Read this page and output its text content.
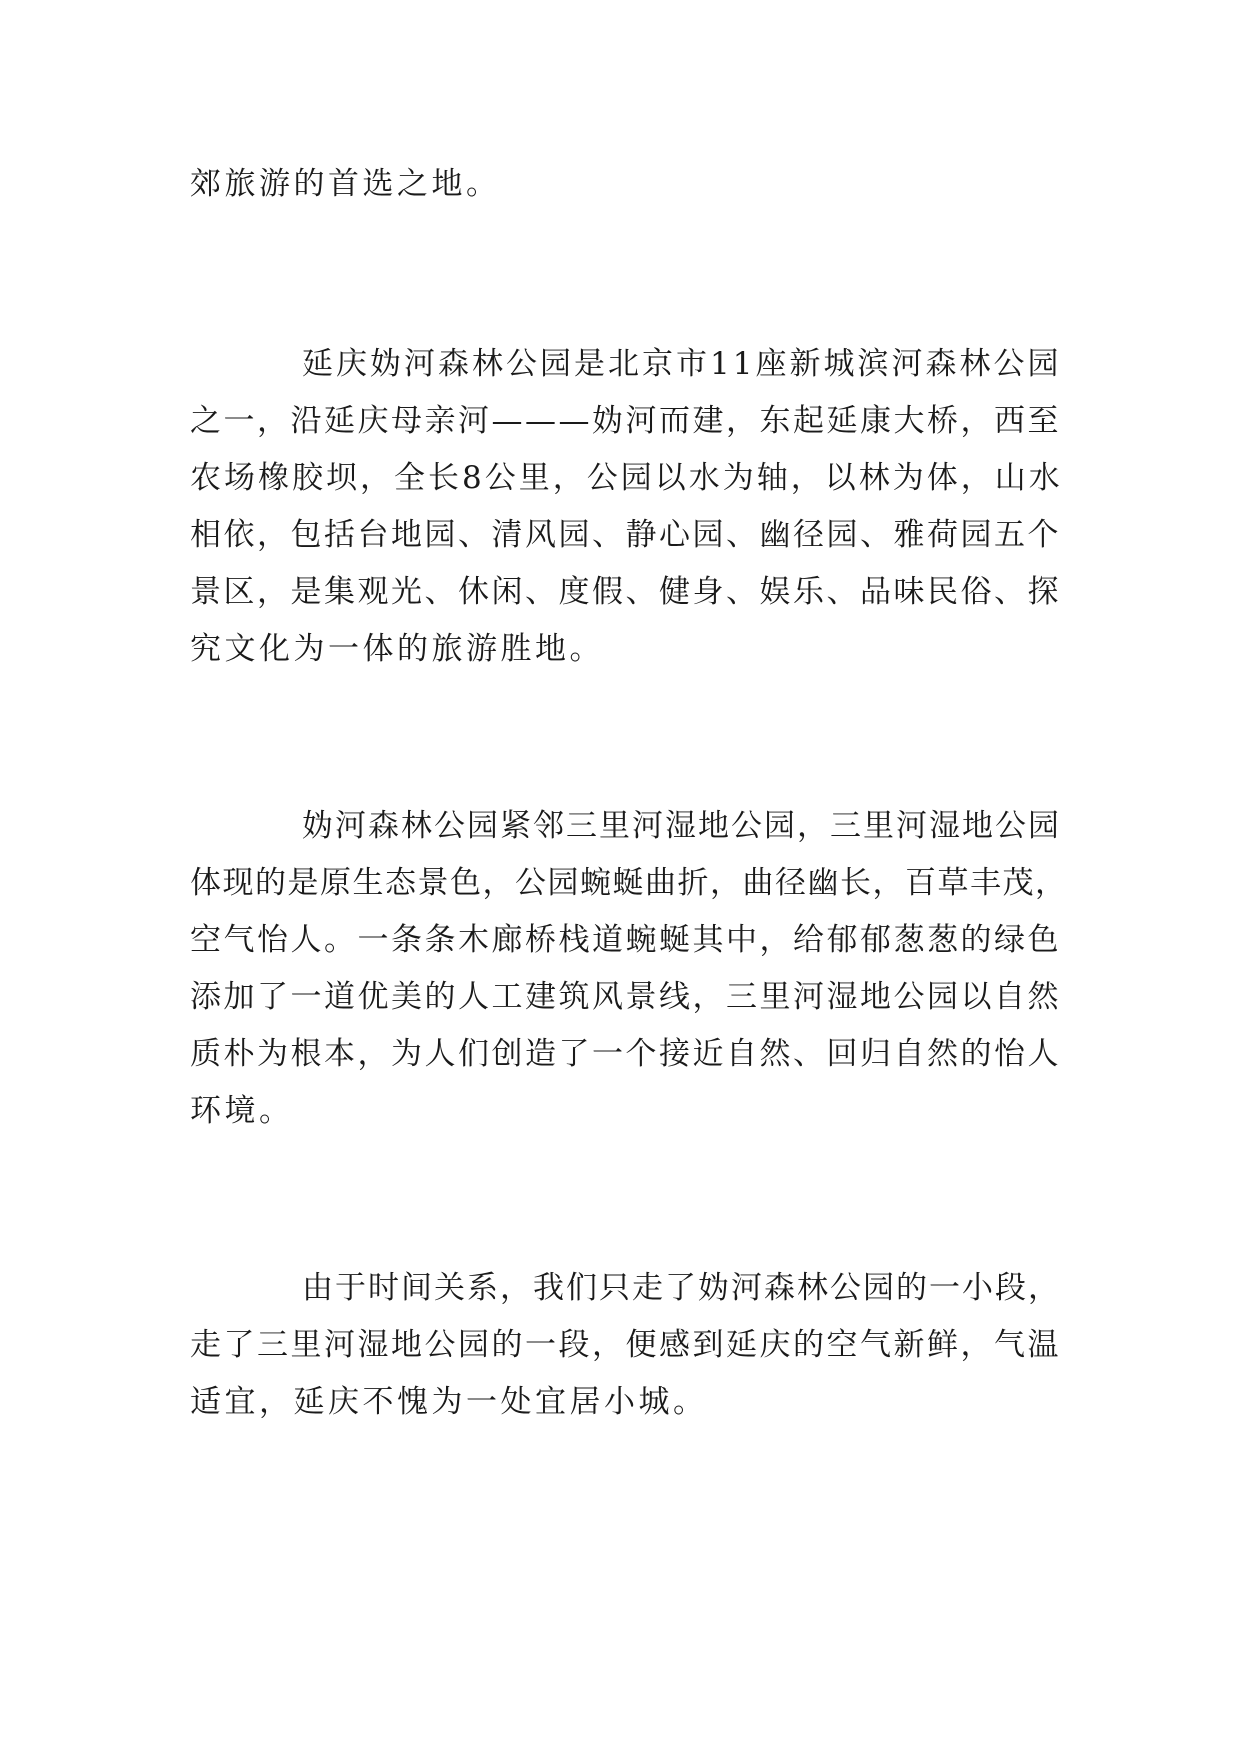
郊旅游的首选之地。

延庆妫河森林公园是北京市11座新城滨河森林公园

之一，沿延庆母亲河———妫河而建，东起延康大桥，西至

农场橡胶坝，全长8公里，公园以水为轴，以林为体，山水

相依，包括台地园、清风园、静心园、幽径园、雅荷园五个

景区，是集观光、休闲、度假、健身、娱乐、品味民俗、探

究文化为一体的旅游胜地。

妫河森林公园紧邻三里河湿地公园，三里河湿地公园

体现的是原生态景色，公园蜿蜒曲折，曲径幽长，百草丰茂，

空气怡人。一条条木廊桥栈道蜿蜒其中，给郁郁葱葱的绿色

添加了一道优美的人工建筑风景线，三里河湿地公园以自然

质朴为根本，为人们创造了一个接近自然、回归自然的怡人

环境。

由于时间关系，我们只走了妫河森林公园的一小段，

走了三里河湿地公园的一段，便感到延庆的空气新鲜，气温

适宜，延庆不愧为一处宜居小城。
